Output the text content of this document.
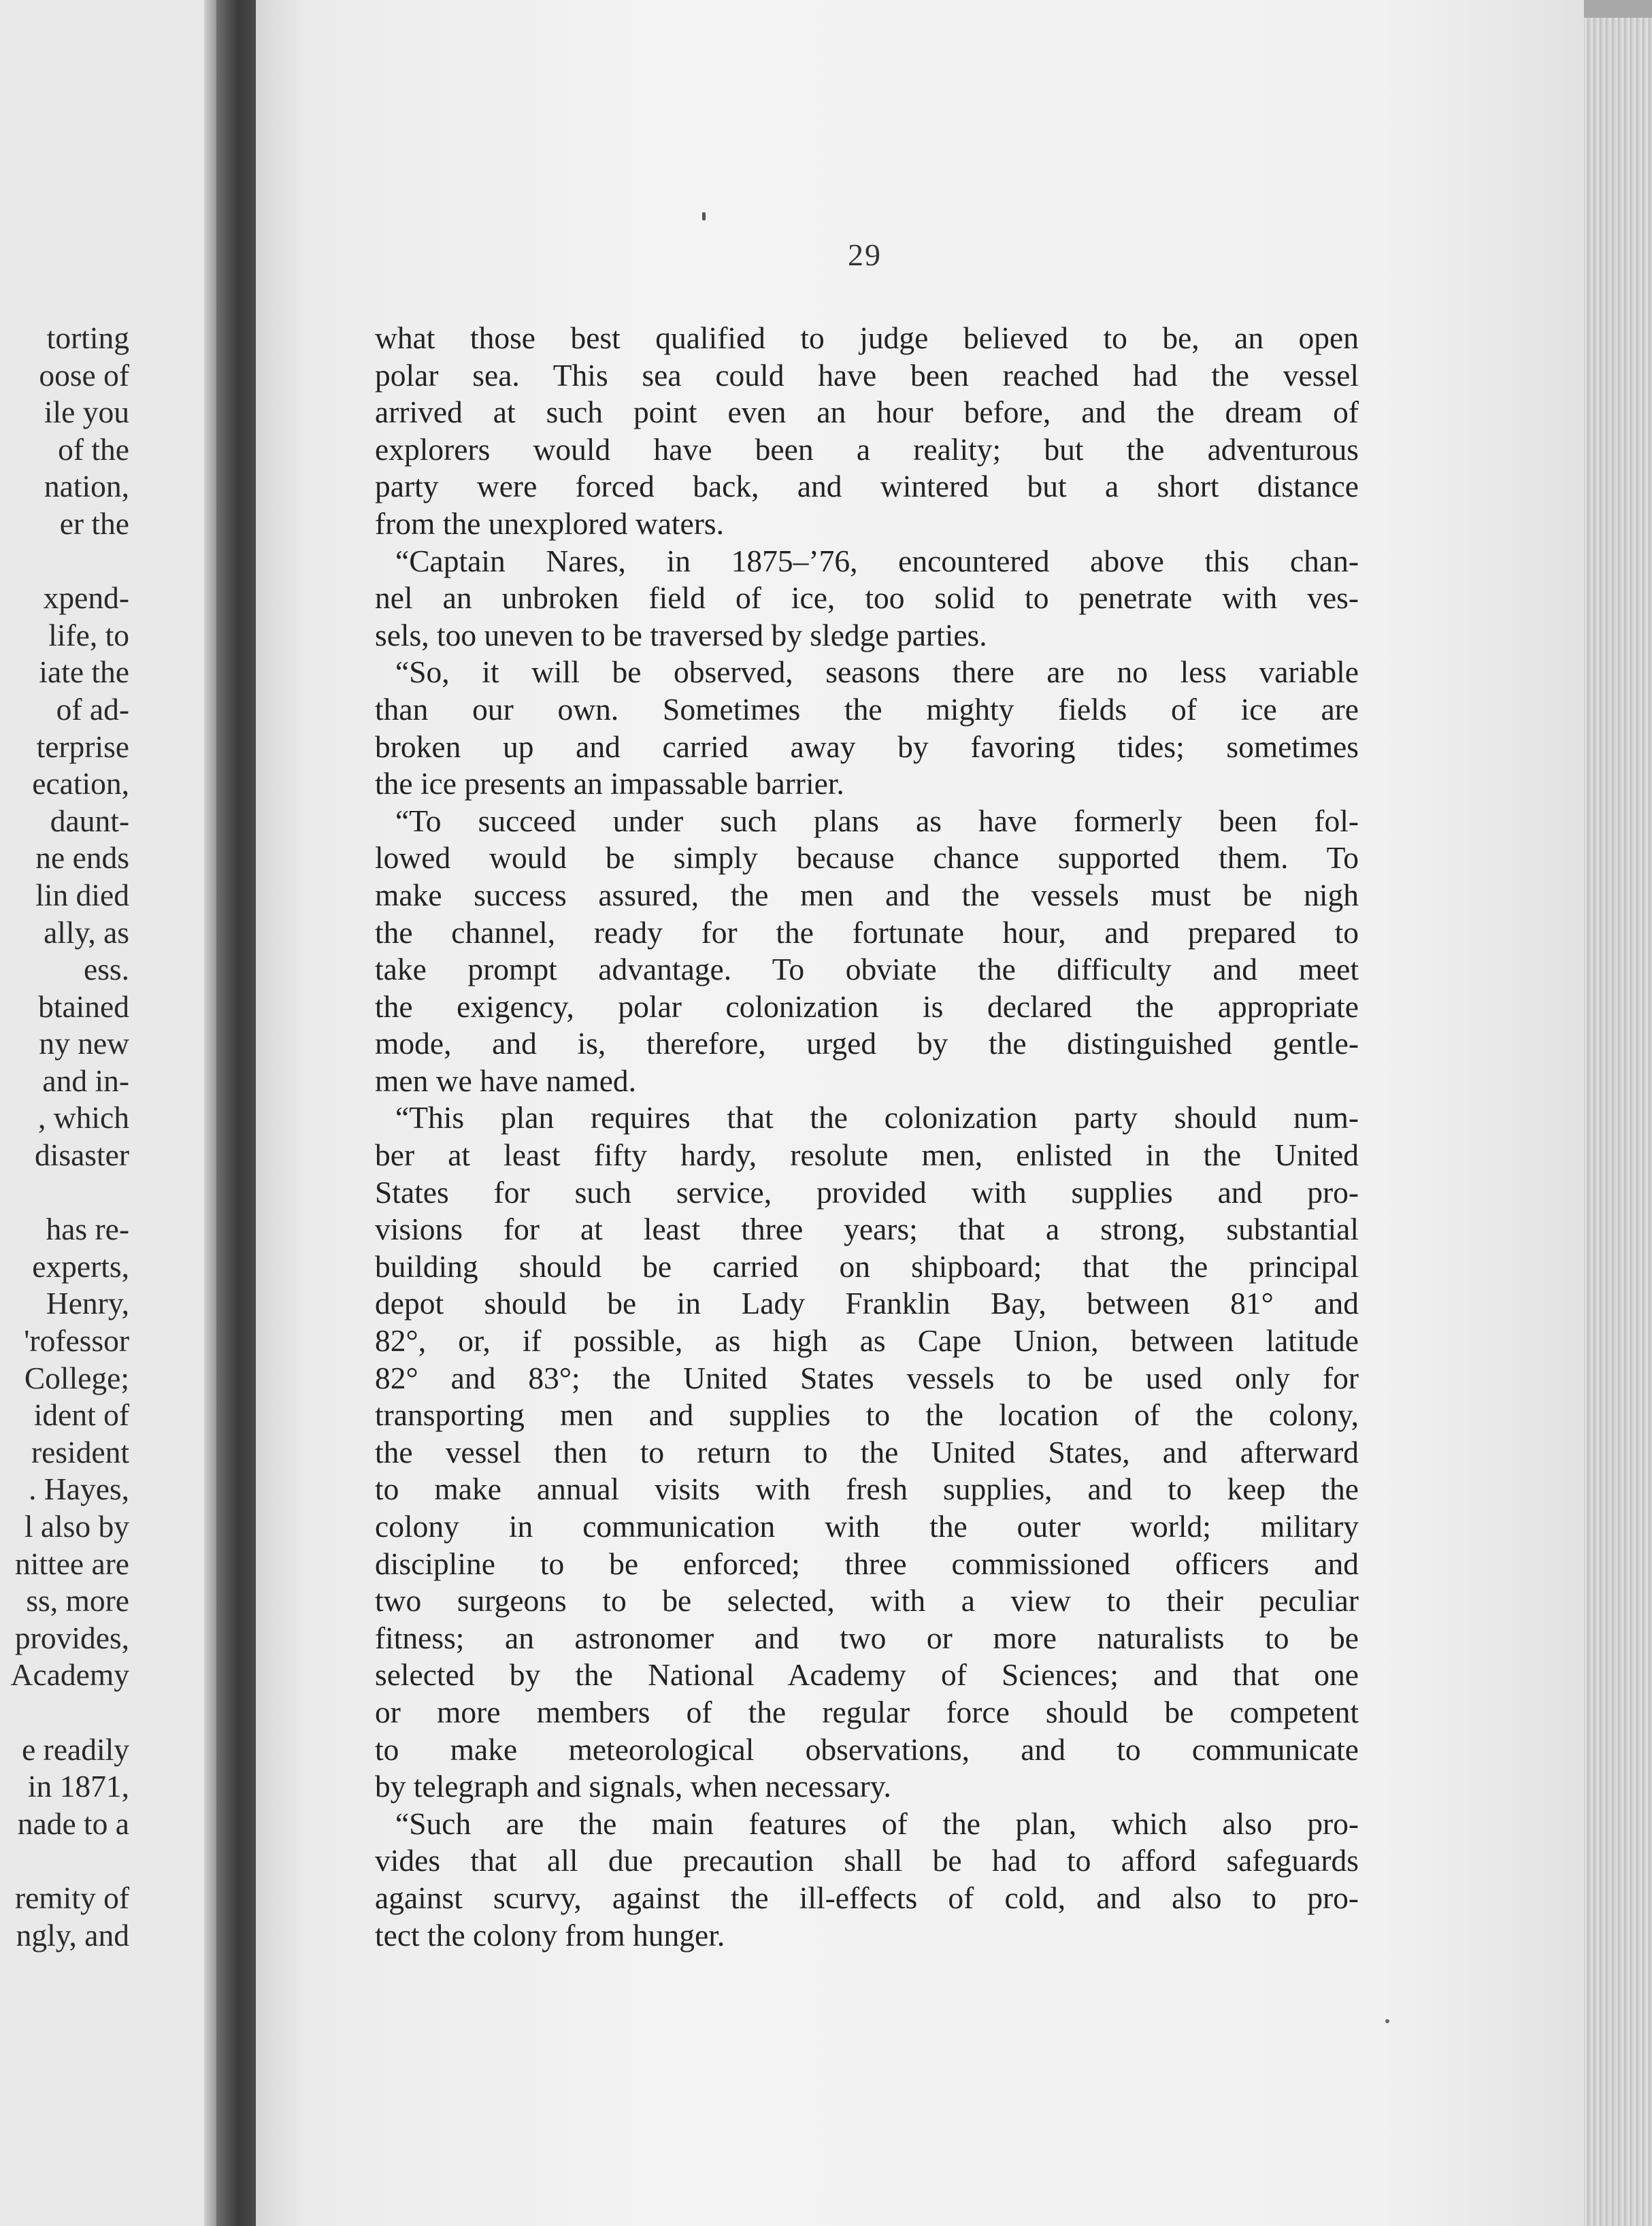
torting
oose of
ile you
of the
nation,
er the
xpend-
life, to
iate the
of ad-
terprise
ecation,
daunt-
ne ends
lin died
ally, as
ess.
btained
ny new
and in-
, which
disaster
has re-
experts,
Henry,
'rofessor
College;
ident of
resident
. Hayes,
l also by
nittee are
ss, more
provides,
Academy
e readily
in 1871,
nade to a
remity of
ngly, and
29
what those best qualified to judge believed to be, an open
polar sea. This sea could have been reached had the vessel
arrived at such point even an hour before, and the dream of
explorers would have been a reality; but the adventurous
party were forced back, and wintered but a short distance
from the unexplored waters.
“Captain Nares, in 1875–’76, encountered above this chan-
nel an unbroken field of ice, too solid to penetrate with ves-
sels, too uneven to be traversed by sledge parties.
“So, it will be observed, seasons there are no less variable
than our own. Sometimes the mighty fields of ice are
broken up and carried away by favoring tides; sometimes
the ice presents an impassable barrier.
“To succeed under such plans as have formerly been fol-
lowed would be simply because chance supported them. To
make success assured, the men and the vessels must be nigh
the channel, ready for the fortunate hour, and prepared to
take prompt advantage. To obviate the difficulty and meet
the exigency, polar colonization is declared the appropriate
mode, and is, therefore, urged by the distinguished gentle-
men we have named.
“This plan requires that the colonization party should num-
ber at least fifty hardy, resolute men, enlisted in the United
States for such service, provided with supplies and pro-
visions for at least three years; that a strong, substantial
building should be carried on shipboard; that the principal
depot should be in Lady Franklin Bay, between 81° and
82°, or, if possible, as high as Cape Union, between latitude
82° and 83°; the United States vessels to be used only for
transporting men and supplies to the location of the colony,
the vessel then to return to the United States, and afterward
to make annual visits with fresh supplies, and to keep the
colony in communication with the outer world; military
discipline to be enforced; three commissioned officers and
two surgeons to be selected, with a view to their peculiar
fitness; an astronomer and two or more naturalists to be
selected by the National Academy of Sciences; and that one
or more members of the regular force should be competent
to make meteorological observations, and to communicate
by telegraph and signals, when necessary.
“Such are the main features of the plan, which also pro-
vides that all due precaution shall be had to afford safeguards
against scurvy, against the ill-effects of cold, and also to pro-
tect the colony from hunger.
